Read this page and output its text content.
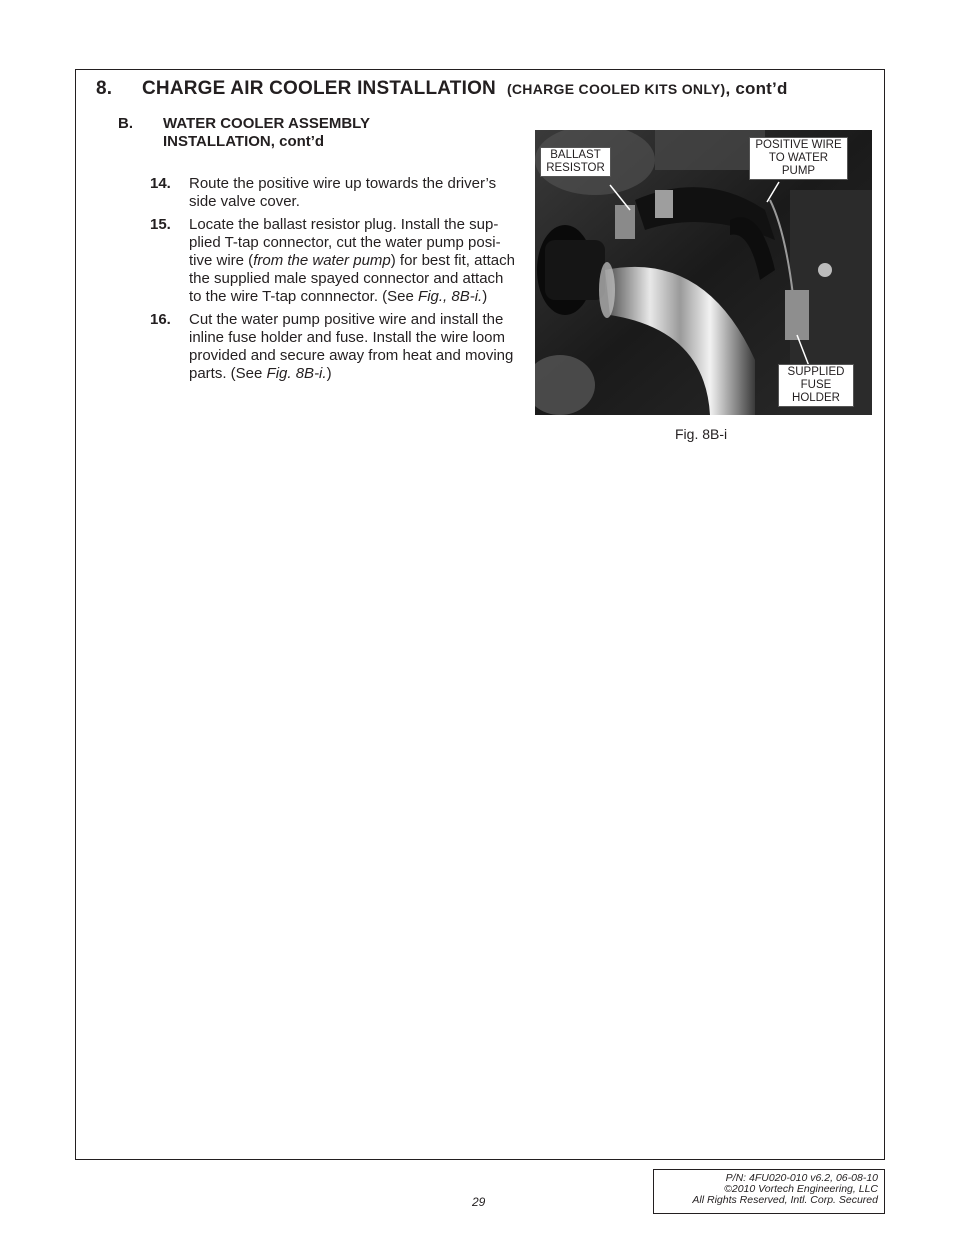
8. CHARGE AIR COOLER INSTALLATION (CHARGE COOLED KITS ONLY), cont’d
B. WATER COOLER ASSEMBLY
INSTALLATION, cont’d
14. Route the positive wire up towards the driver’s side valve cover.
15. Locate the ballast resistor plug. Install the sup-plied T-tap connector, cut the water pump posi-tive wire (from the water pump) for best fit, attach the supplied male spayed connector and attach to the wire T-tap connnector. (See Fig., 8B-i.)
16. Cut the water pump positive wire and install the inline fuse holder and fuse. Install the wire loom provided and secure away from heat and moving parts. (See Fig. 8B-i.)
BALLAST
RESISTOR
POSITIVE WIRE
TO WATER
PUMP
SUPPLIED
FUSE
HOLDER
Fig. 8B-i
29
P/N: 4FU020-010 v6.2, 06-08-10
©2010 Vortech Engineering, LLC
All Rights Reserved, Intl. Corp. Secured
